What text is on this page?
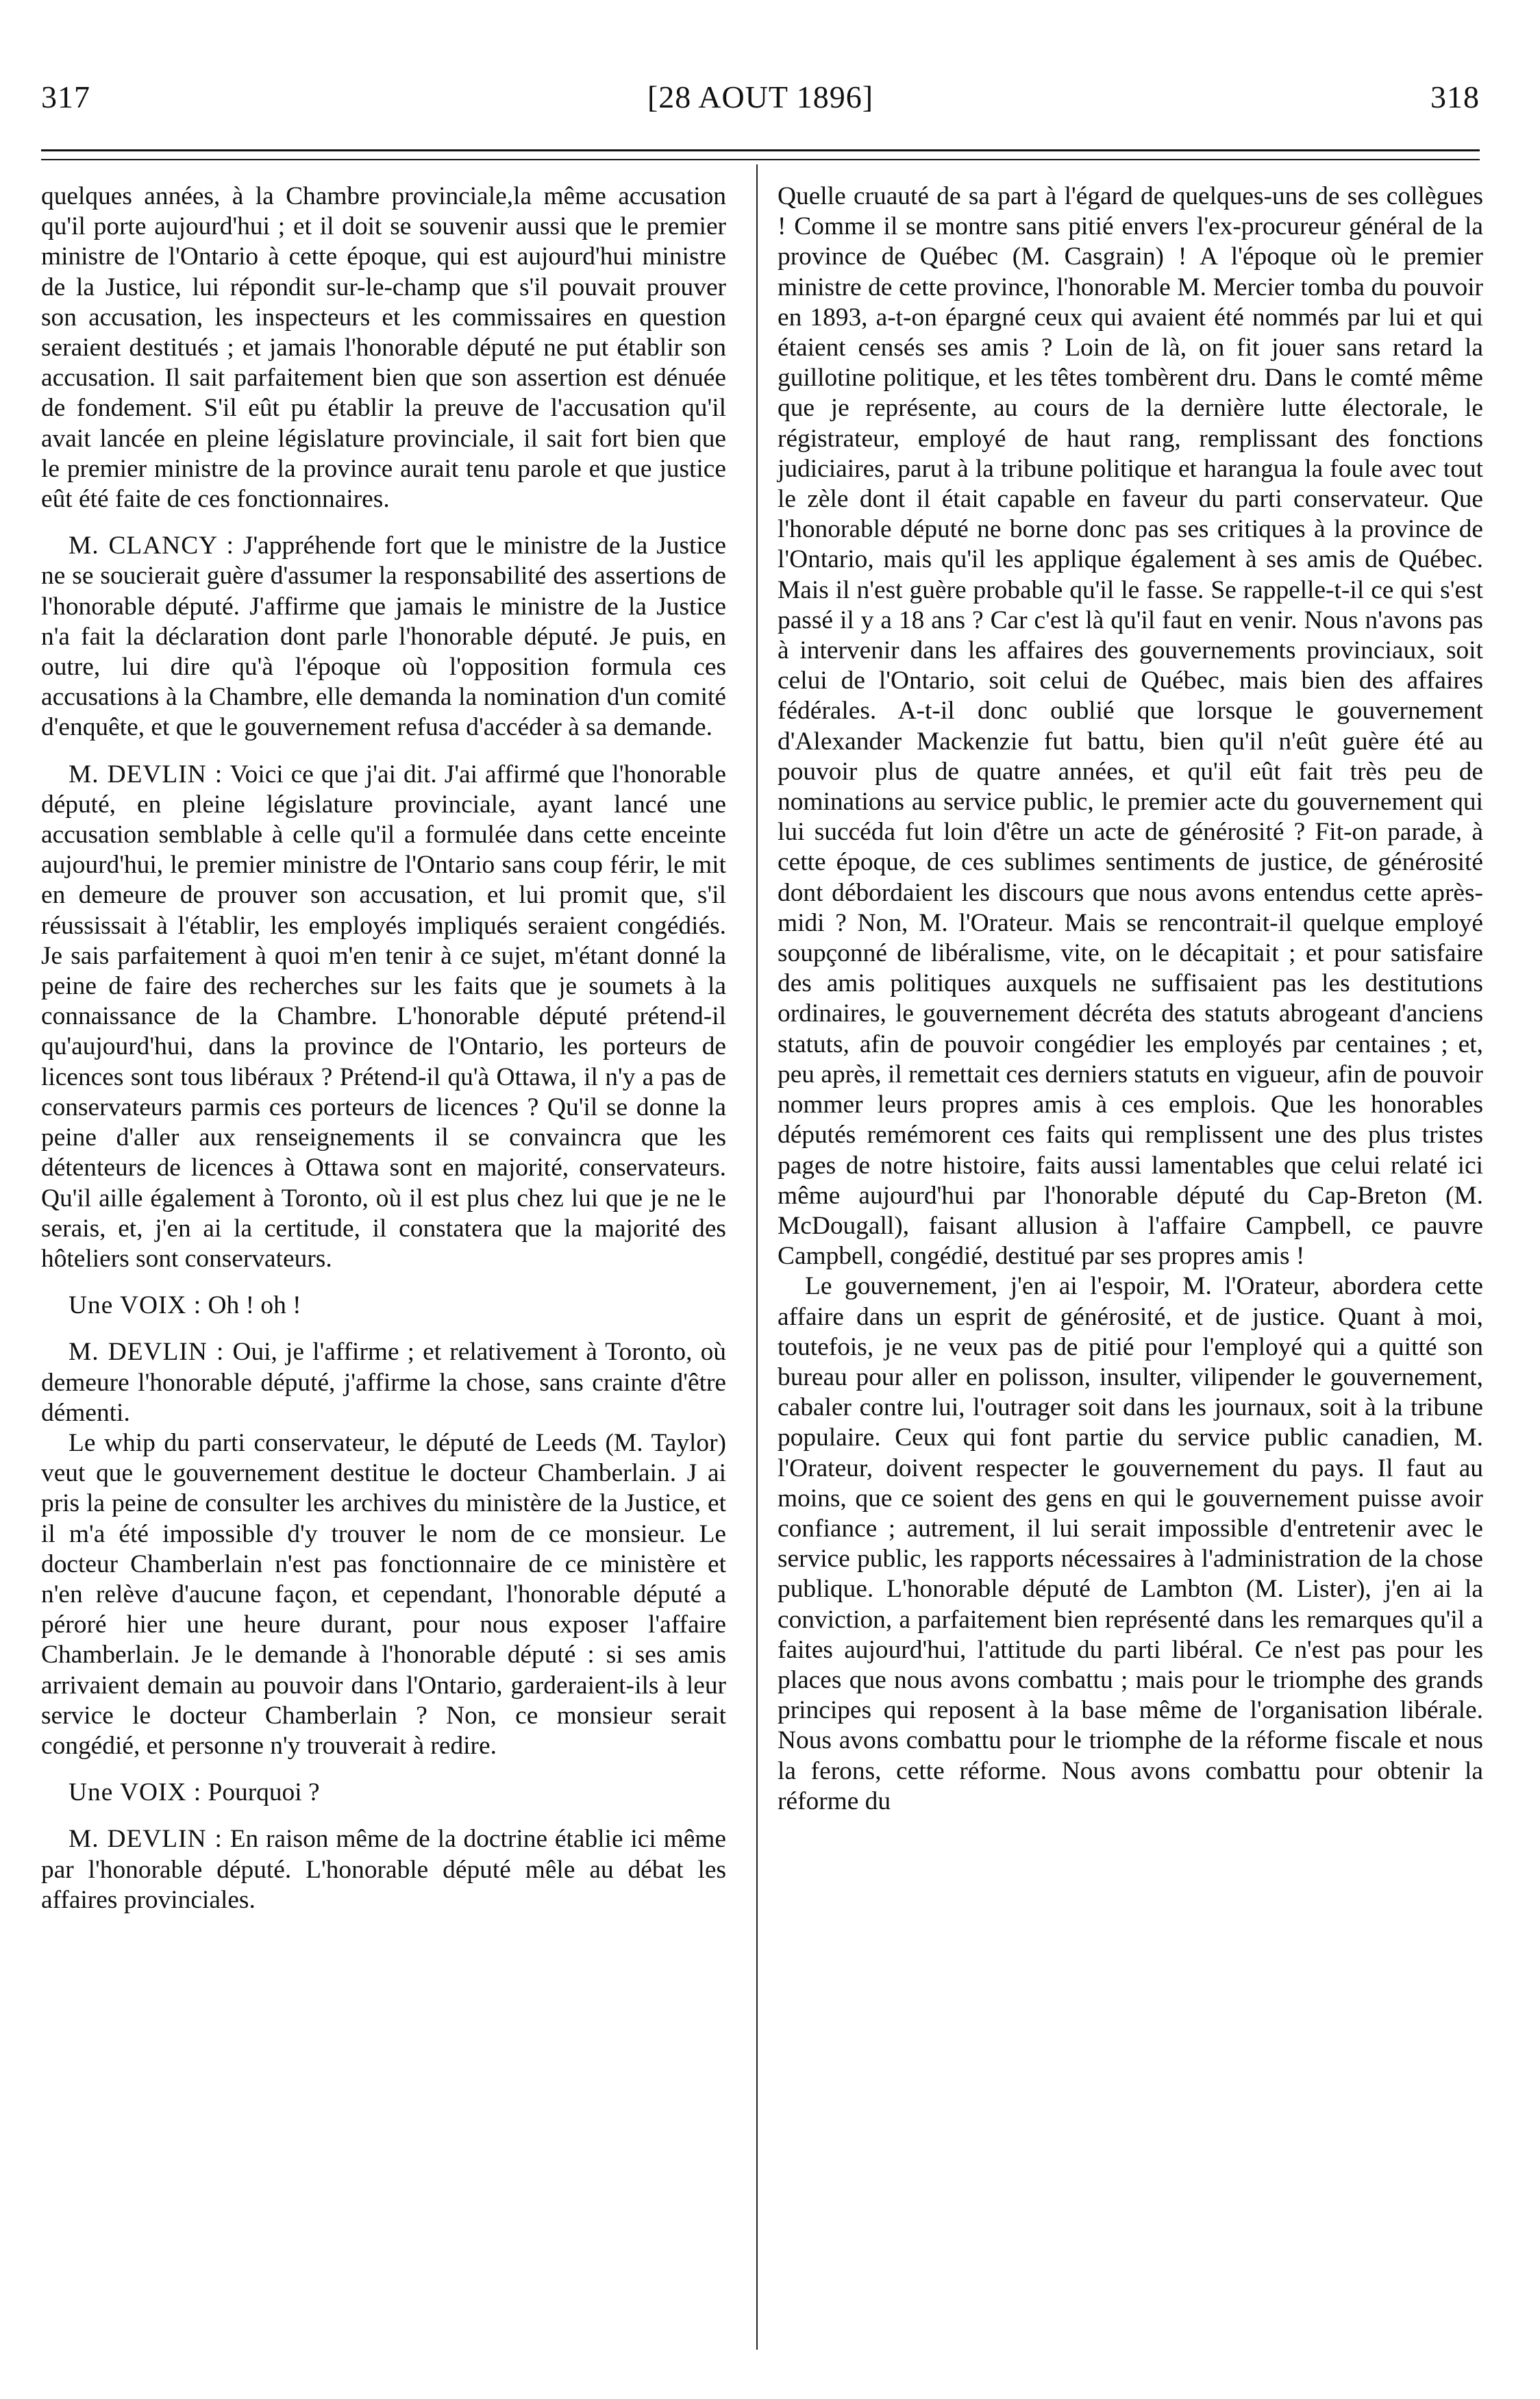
317	[28 AOUT 1896]	318

quelques années, à la Chambre provinciale,la même accusation qu'il porte aujourd'hui ; et il doit se souvenir aussi que le premier ministre de l'Ontario à cette époque, qui est aujourd'hui ministre de la Justice, lui répondit sur-le-champ que s'il pouvait prouver son accusation, les inspecteurs et les commissaires en question seraient destitués ; et jamais l'honorable député ne put établir son accusation. Il sait parfaitement bien que son assertion est dénuée de fondement. S'il eût pu établir la preuve de l'accusation qu'il avait lancée en pleine législature provinciale, il sait fort bien que le premier ministre de la province aurait tenu parole et que justice eût été faite de ces fonctionnaires.

M. CLANCY : J'appréhende fort que le ministre de la Justice ne se soucierait guère d'assumer la responsabilité des assertions de l'honorable député. J'affirme que jamais le ministre de la Justice n'a fait la déclaration dont parle l'honorable député. Je puis, en outre, lui dire qu'à l'époque où l'opposition formula ces accusations à la Chambre, elle demanda la nomination d'un comité d'enquête, et que le gouvernement refusa d'accéder à sa demande.

M. DEVLIN : Voici ce que j'ai dit. J'ai affirmé que l'honorable député, en pleine législature provinciale, ayant lancé une accusation semblable à celle qu'il a formulée dans cette enceinte aujourd'hui, le premier ministre de l'Ontario sans coup férir, le mit en demeure de prouver son accusation, et lui promit que, s'il réussissait à l'établir, les employés impliqués seraient congédiés. Je sais parfaitement à quoi m'en tenir à ce sujet, m'étant donné la peine de faire des recherches sur les faits que je soumets à la connaissance de la Chambre. L'honorable député prétend-il qu'aujourd'hui, dans la province de l'Ontario, les porteurs de licences sont tous libéraux ? Prétend-il qu'à Ottawa, il n'y a pas de conservateurs parmis ces porteurs de licences ? Qu'il se donne la peine d'aller aux renseignements il se convaincra que les détenteurs de licences à Ottawa sont en majorité, conservateurs. Qu'il aille également à Toronto, où il est plus chez lui que je ne le serais, et, j'en ai la certitude, il constatera que la majorité des hôteliers sont conservateurs.

Une VOIX : Oh ! oh !

M. DEVLIN : Oui, je l'affirme ; et relativement à Toronto, où demeure l'honorable député, j'affirme la chose, sans crainte d'être démenti.

Le whip du parti conservateur, le député de Leeds (M. Taylor) veut que le gouvernement destitue le docteur Chamberlain. J ai pris la peine de consulter les archives du ministère de la Justice, et il m'a été impossible d'y trouver le nom de ce monsieur. Le docteur Chamberlain n'est pas fonctionnaire de ce ministère et n'en relève d'aucune façon, et cependant, l'honorable député a péroré hier une heure durant, pour nous exposer l'affaire Chamberlain. Je le demande à l'honorable député : si ses amis arrivaient demain au pouvoir dans l'Ontario, garderaient-ils à leur service le docteur Chamberlain ? Non, ce monsieur serait congédié, et personne n'y trouverait à redire.

Une VOIX : Pourquoi ?

M. DEVLIN : En raison même de la doctrine établie ici même par l'honorable député. L'honorable député mêle au débat les affaires provinciales.

Quelle cruauté de sa part à l'égard de quelques-uns de ses collègues ! Comme il se montre sans pitié envers l'ex-procureur général de la province de Québec (M. Casgrain) ! A l'époque où le premier ministre de cette province, l'honorable M. Mercier tomba du pouvoir en 1893, a-t-on épargné ceux qui avaient été nommés par lui et qui étaient censés ses amis ? Loin de là, on fit jouer sans retard la guillotine politique, et les têtes tombèrent dru. Dans le comté même que je représente, au cours de la dernière lutte électorale, le régistrateur, employé de haut rang, remplissant des fonctions judiciaires, parut à la tribune politique et harangua la foule avec tout le zèle dont il était capable en faveur du parti conservateur. Que l'honorable député ne borne donc pas ses critiques à la province de l'Ontario, mais qu'il les applique également à ses amis de Québec. Mais il n'est guère probable qu'il le fasse. Se rappelle-t-il ce qui s'est passé il y a 18 ans ? Car c'est là qu'il faut en venir. Nous n'avons pas à intervenir dans les affaires des gouvernements provinciaux, soit celui de l'Ontario, soit celui de Québec, mais bien des affaires fédérales. A-t-il donc oublié que lorsque le gouvernement d'Alexander Mackenzie fut battu, bien qu'il n'eût guère été au pouvoir plus de quatre années, et qu'il eût fait très peu de nominations au service public, le premier acte du gouvernement qui lui succéda fut loin d'être un acte de générosité ? Fit-on parade, à cette époque, de ces sublimes sentiments de justice, de générosité dont débordaient les discours que nous avons entendus cette après-midi ? Non, M. l'Orateur. Mais se rencontrait-il quelque employé soupçonné de libéralisme, vite, on le décapitait ; et pour satisfaire des amis politiques auxquels ne suffisaient pas les destitutions ordinaires, le gouvernement décréta des statuts abrogeant d'anciens statuts, afin de pouvoir congédier les employés par centaines ; et, peu après, il remettait ces derniers statuts en vigueur, afin de pouvoir nommer leurs propres amis à ces emplois. Que les honorables députés remémorent ces faits qui remplissent une des plus tristes pages de notre histoire, faits aussi lamentables que celui relaté ici même aujourd'hui par l'honorable député du Cap-Breton (M. McDougall), faisant allusion à l'affaire Campbell, ce pauvre Campbell, congédié, destitué par ses propres amis !

Le gouvernement, j'en ai l'espoir, M. l'Orateur, abordera cette affaire dans un esprit de générosité, et de justice. Quant à moi, toutefois, je ne veux pas de pitié pour l'employé qui a quitté son bureau pour aller en polisson, insulter, vilipender le gouvernement, cabaler contre lui, l'outrager soit dans les journaux, soit à la tribune populaire. Ceux qui font partie du service public canadien, M. l'Orateur, doivent respecter le gouvernement du pays. Il faut au moins, que ce soient des gens en qui le gouvernement puisse avoir confiance ; autrement, il lui serait impossible d'entretenir avec le service public, les rapports nécessaires à l'administration de la chose publique. L'honorable député de Lambton (M. Lister), j'en ai la conviction, a parfaitement bien représenté dans les remarques qu'il a faites aujourd'hui, l'attitude du parti libéral. Ce n'est pas pour les places que nous avons combattu ; mais pour le triomphe des grands principes qui reposent à la base même de l'organisation libérale. Nous avons combattu pour le triomphe de la réforme fiscale et nous la ferons, cette réforme. Nous avons combattu pour obtenir la réforme du
